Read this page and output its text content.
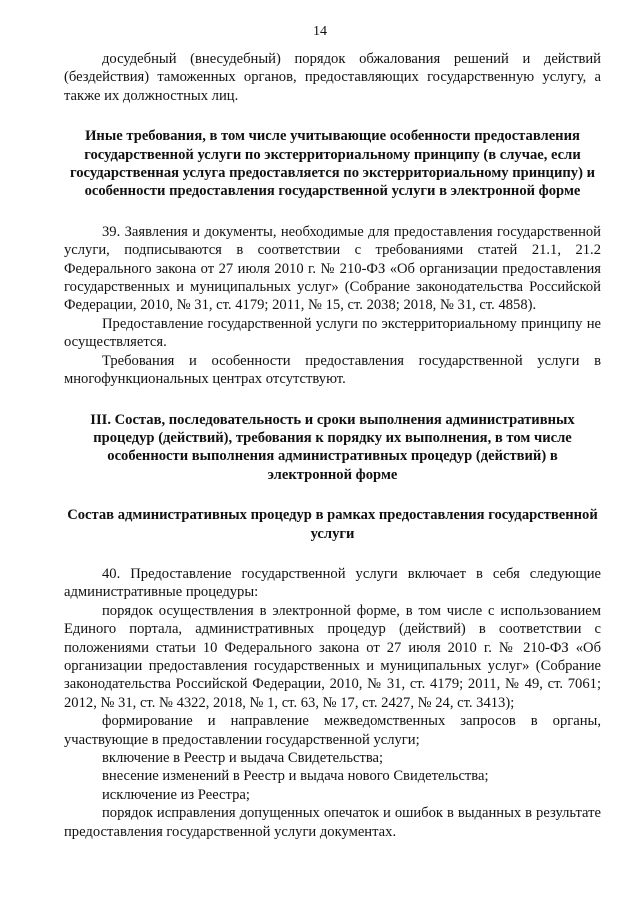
14

досудебный (внесудебный) порядок обжалования решений и действий (бездействия) таможенных органов, предоставляющих государственную услугу, а также их должностных лиц.

Иные требования, в том числе учитывающие особенности предоставления государственной услуги по экстерриториальному принципу (в случае, если государственная услуга предоставляется по экстерриториальному принципу) и особенности предоставления государственной услуги в электронной форме

39. Заявления и документы, необходимые для предоставления государственной услуги, подписываются в соответствии с требованиями статей 21.1, 21.2 Федерального закона от 27 июля 2010 г. № 210-ФЗ «Об организации предоставления государственных и муниципальных услуг» (Собрание законодательства Российской Федерации, 2010, № 31, ст. 4179; 2011, № 15, ст. 2038; 2018, № 31, ст. 4858).

Предоставление государственной услуги по экстерриториальному принципу не осуществляется.

Требования и особенности предоставления государственной услуги в многофункциональных центрах отсутствуют.

III. Состав, последовательность и сроки выполнения административных процедур (действий), требования к порядку их выполнения, в том числе особенности выполнения административных процедур (действий) в электронной форме

Состав административных процедур в рамках предоставления государственной услуги

40. Предоставление государственной услуги включает в себя следующие административные процедуры:

порядок осуществления в электронной форме, в том числе с использованием Единого портала, административных процедур (действий) в соответствии с положениями статьи 10 Федерального закона от 27 июля 2010 г. № 210-ФЗ «Об организации предоставления государственных и муниципальных услуг» (Собрание законодательства Российской Федерации, 2010, № 31, ст. 4179; 2011, № 49, ст. 7061; 2012, № 31, ст. № 4322, 2018, № 1, ст. 63, № 17, ст. 2427, № 24, ст. 3413);

формирование и направление межведомственных запросов в органы, участвующие в предоставлении государственной услуги;

включение в Реестр и выдача Свидетельства;

внесение изменений в Реестр и выдача нового Свидетельства;

исключение из Реестра;

порядок исправления допущенных опечаток и ошибок в выданных в результате предоставления государственной услуги документах.
